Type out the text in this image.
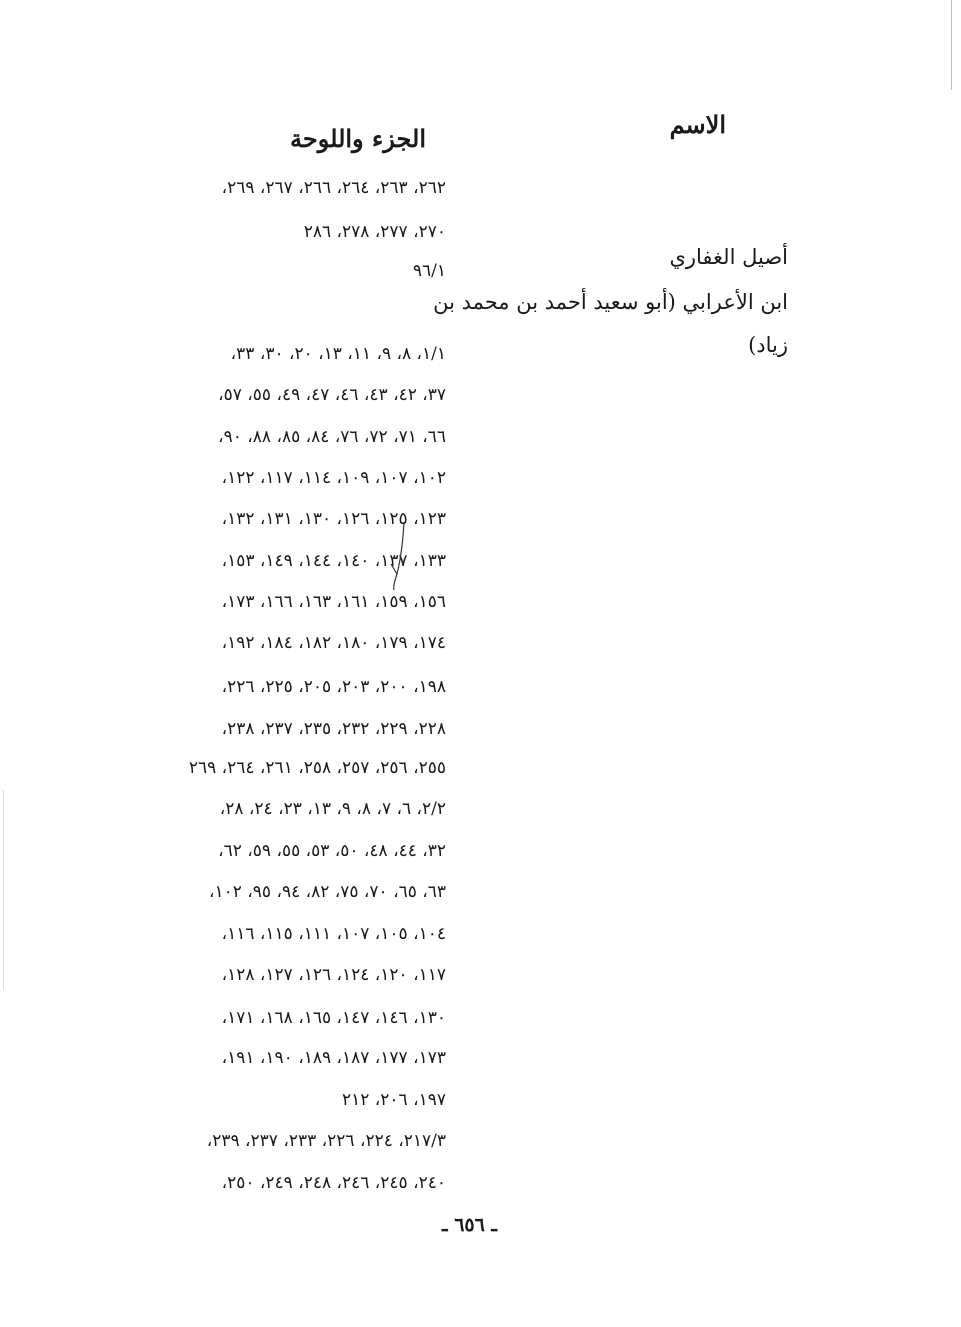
الاسم
الجزء واللوحة
أصيل الغفاري
ابن الأعرابي (أبو سعيد أحمد بن محمد بن
زياد)
٢٦٢، ٢٦٣، ٢٦٤، ٢٦٦، ٢٦٧، ٢٦٩،
٢٧٠، ٢٧٧، ٢٧٨، ٢٨٦
٩٦/١
١/١، ٨، ٩، ١١، ١٣، ٢٠، ٣٠، ٣٣،
٣٧، ٤٢، ٤٣، ٤٦، ٤٧، ٤٩، ٥٥، ٥٧،
٦٦، ٧١، ٧٢، ٧٦، ٨٤، ٨٥، ٨٨، ٩٠،
١٠٢، ١٠٧، ١٠٩، ١١٤، ١١٧، ١٢٢،
١٢٣، ١٢٥، ١٢٦، ١٣٠، ١٣١، ١٣٢،
١٣٣، ١٣٧، ١٤٠، ١٤٤، ١٤٩، ١٥٣،
١٥٦، ١٥٩، ١٦١، ١٦٣، ١٦٦، ١٧٣،
١٧٤، ١٧٩، ١٨٠، ١٨٢، ١٨٤، ١٩٢،
١٩٨، ٢٠٠، ٢٠٣، ٢٠٥، ٢٢٥، ٢٢٦،
٢٢٨، ٢٢٩، ٢٣٢، ٢٣٥، ٢٣٧، ٢٣٨،
٢٥٥، ٢٥٦، ٢٥٧، ٢٥٨، ٢٦١، ٢٦٤، ٢٦٩
٢/٢، ٦، ٧، ٨، ٩، ١٣، ٢٣، ٢٤، ٢٨،
٣٢، ٤٤، ٤٨، ٥٠، ٥٣، ٥٥، ٥٩، ٦٢،
٦٣، ٦٥، ٧٠، ٧٥، ٨٢، ٩٤، ٩٥، ١٠٢،
١٠٤، ١٠٥، ١٠٧، ١١١، ١١٥، ١١٦،
١١٧، ١٢٠، ١٢٤، ١٢٦، ١٢٧، ١٢٨،
١٣٠، ١٤٦، ١٤٧، ١٦٥، ١٦٨، ١٧١،
١٧٣، ١٧٧، ١٨٧، ١٨٩، ١٩٠، ١٩١،
١٩٧، ٢٠٦، ٢١٢
٢١٧/٣، ٢٢٤، ٢٢٦، ٢٣٣، ٢٣٧، ٢٣٩،
٢٤٠، ٢٤٥، ٢٤٦، ٢٤٨، ٢٤٩، ٢٥٠،
ـ ٦٥٦ ـ
